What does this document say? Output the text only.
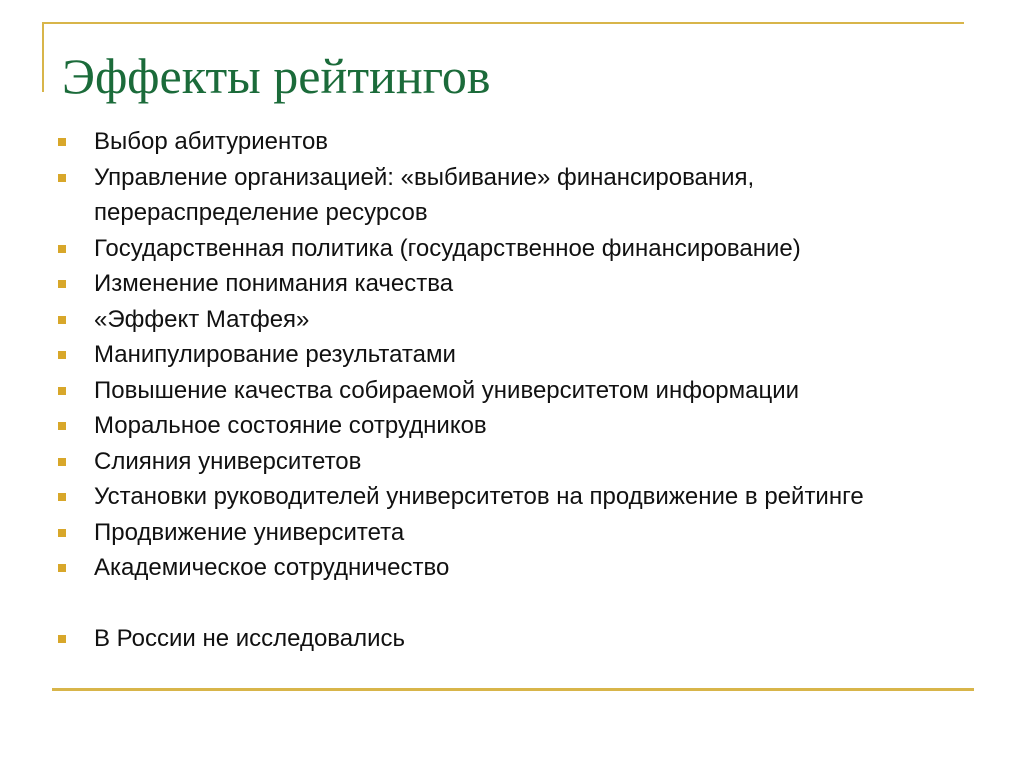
Эффекты рейтингов
Выбор абитуриентов
Управление организацией: «выбивание» финансирования, перераспределение ресурсов
Государственная политика (государственное финансирование)
Изменение понимания качества
«Эффект Матфея»
Манипулирование результатами
Повышение качества собираемой университетом информации
Моральное состояние сотрудников
Слияния университетов
Установки руководителей университетов на продвижение в рейтинге
Продвижение университета
Академическое сотрудничество
В России не исследовались
